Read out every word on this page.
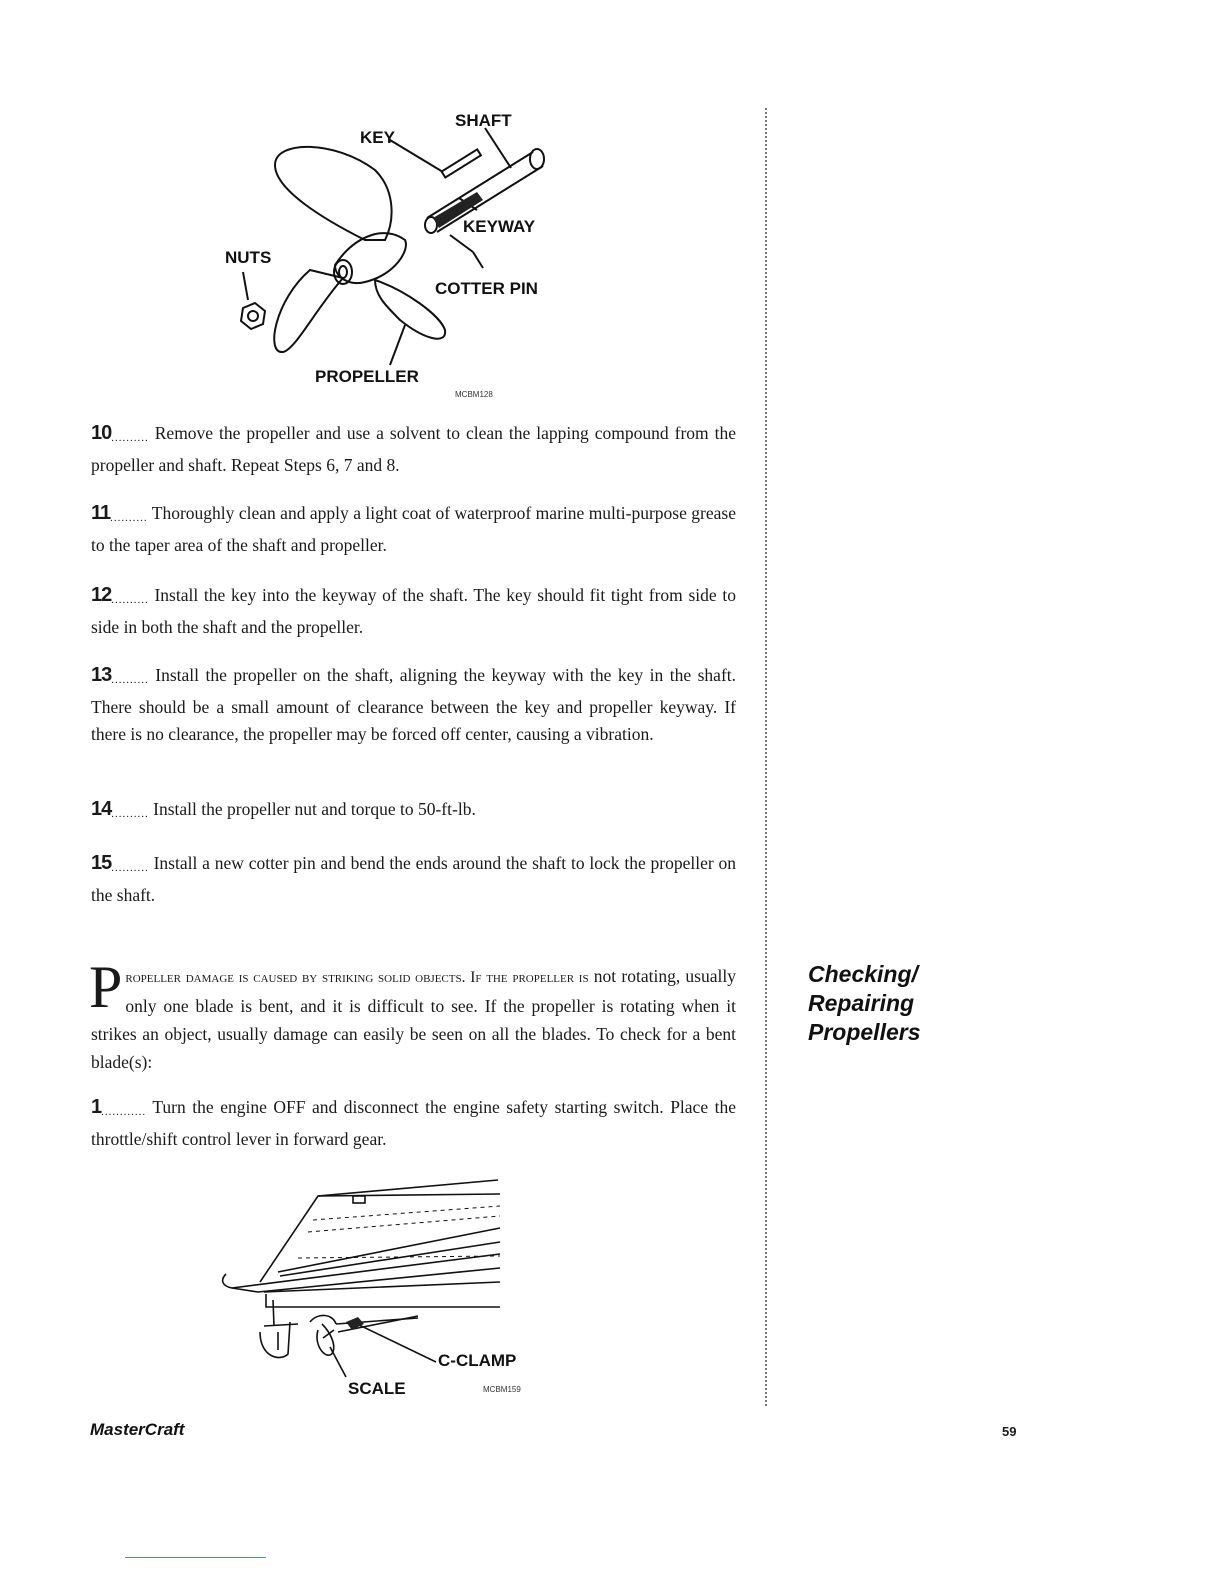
SHAFT
KEY
KEYWAY
NUTS
COTTER PIN
PROPELLER
MCBM128
10.......... Remove the propeller and use a solvent to clean the lapping compound from the propeller and shaft. Repeat Steps 6, 7 and 8.
11.......... Thoroughly clean and apply a light coat of waterproof marine multi-purpose grease to the taper area of the shaft and propeller.
12.......... Install the key into the keyway of the shaft. The key should fit tight from side to side in both the shaft and the propeller.
13.......... Install the propeller on the shaft, aligning the keyway with the key in the shaft. There should be a small amount of clearance between the key and propeller keyway. If there is no clearance, the propeller may be forced off center, causing a vibration.
14.......... Install the propeller nut and torque to 50-ft-lb.
15.......... Install a new cotter pin and bend the ends around the shaft to lock the propeller on the shaft.
Propeller damage is caused by striking solid objects. If the propeller is not rotating, usually only one blade is bent, and it is difficult to see. If the propeller is rotating when it strikes an object, usually damage can easily be seen on all the blades. To check for a bent blade(s):
Checking/
Repairing
Propellers
1............ Turn the engine OFF and disconnect the engine safety starting switch. Place the throttle/shift control lever in forward gear.
C-CLAMP
SCALE	MCBM159
MasterCraft	59
